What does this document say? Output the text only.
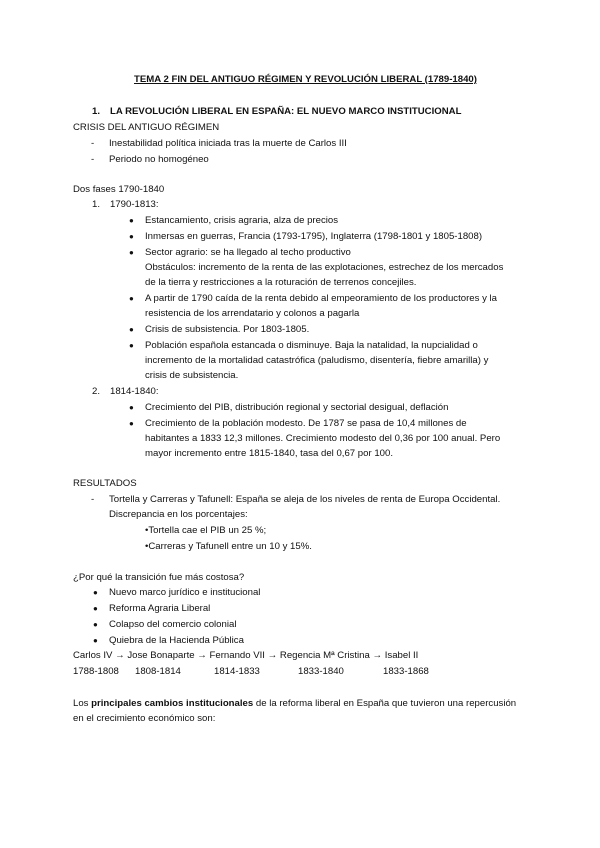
TEMA 2 FIN DEL ANTIGUO RÉGIMEN Y REVOLUCIÓN LIBERAL (1789-1840)
1. LA REVOLUCIÓN LIBERAL EN ESPAÑA: EL NUEVO MARCO INSTITUCIONAL
CRISIS DEL ANTIGUO RÉGIMEN
- Inestabilidad política iniciada tras la muerte de Carlos III
- Periodo no homogéneo
Dos fases 1790-1840
1. 1790-1813:
● Estancamiento, crisis agraria, alza de precios
● Inmersas en guerras, Francia (1793-1795), Inglaterra (1798-1801 y 1805-1808)
● Sector agrario: se ha llegado al techo productivo
Obstáculos: incremento de la renta de las explotaciones, estrechez de los mercados
de la tierra y restricciones a la roturación de terrenos concejiles.
● A partir de 1790 caída de la renta debido al empeoramiento de los productores y la
resistencia de los arrendatario y colonos a pagarla
● Crisis de subsistencia. Por 1803-1805.
● Población española estancada o disminuye. Baja la natalidad, la nupcialidad o
incremento de la mortalidad catastrófica (paludismo, disentería, fiebre amarilla) y
crisis de subsistencia.
2. 1814-1840:
● Crecimiento del PIB, distribución regional y sectorial desigual, deflación
● Crecimiento de la población modesto. De 1787 se pasa de 10,4 millones de
habitantes a 1833 12,3 millones. Crecimiento modesto del 0,36 por 100 anual. Pero
mayor incremento entre 1815-1840, tasa del 0,67 por 100.
RESULTADOS
- Tortella y Carreras y Tafunell: España se aleja de los niveles de renta de Europa Occidental.
Discrepancia en los porcentajes:
•Tortella cae el PIB un 25 %;
•Carreras y Tafunell entre un 10 y 15%.
¿Por qué la transición fue más costosa?
● Nuevo marco jurídico e institucional
● Reforma Agraria Liberal
● Colapso del comercio colonial
● Quiebra de la Hacienda Pública
Carlos IV → Jose Bonaparte → Fernando VII → Regencia Mª Cristina → Isabel II
1788-1808 1808-1814	1814-1833	1833-1840	1833-1868
Los principales cambios institucionales de la reforma liberal en España que tuvieron una repercusión
en el crecimiento económico son:
